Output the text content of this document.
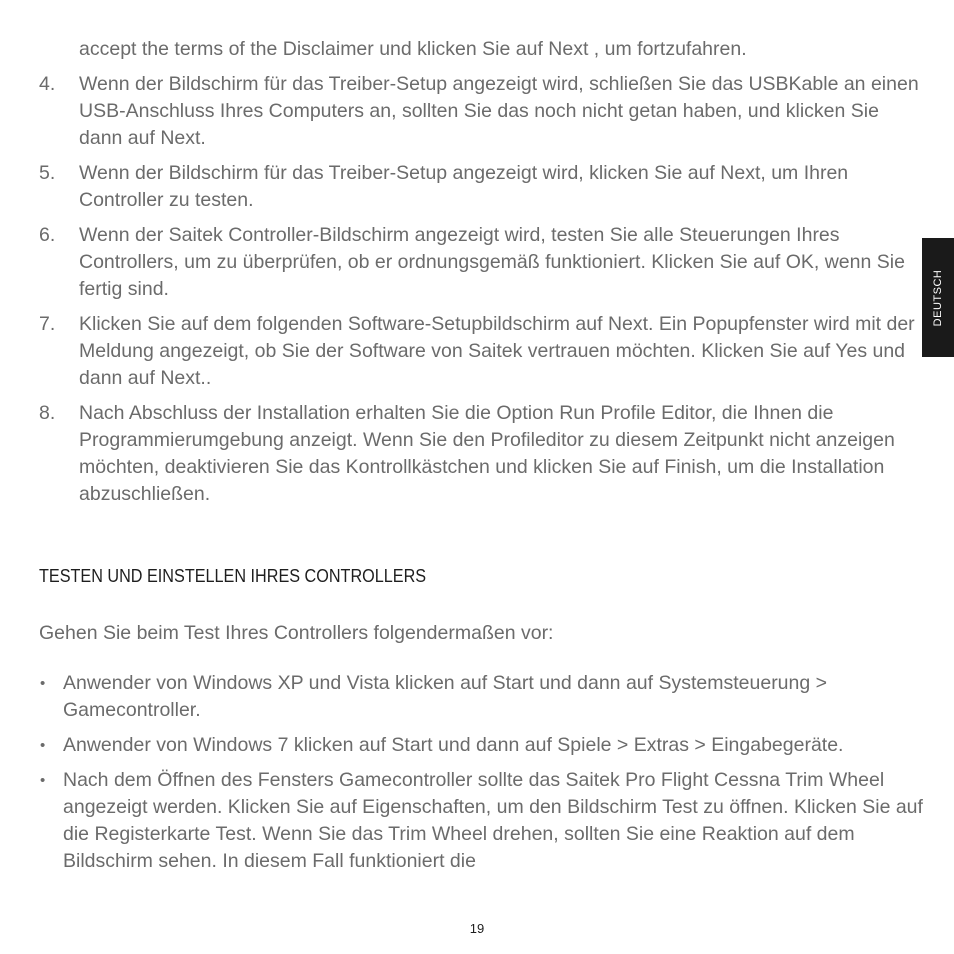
accept the terms of the Disclaimer und klicken Sie auf Next , um fortzufahren.
4. Wenn der Bildschirm für das Treiber-Setup angezeigt wird, schließen Sie das USBKable an einen USB-Anschluss Ihres Computers an, sollten Sie das noch nicht getan haben, und klicken Sie dann auf Next.
5. Wenn der Bildschirm für das Treiber-Setup angezeigt wird, klicken Sie auf Next, um Ihren Controller zu testen.
6. Wenn der Saitek Controller-Bildschirm angezeigt wird, testen Sie alle Steuerungen Ihres Controllers, um zu überprüfen, ob er ordnungsgemäß funktioniert. Klicken Sie auf OK, wenn Sie fertig sind.
7. Klicken Sie auf dem folgenden Software-Setupbildschirm auf Next. Ein Popupfenster wird mit der Meldung angezeigt, ob Sie der Software von Saitek vertrauen möchten. Klicken Sie auf Yes und dann auf Next..
8. Nach Abschluss der Installation erhalten Sie die Option Run Profile Editor, die Ihnen die Programmierumgebung anzeigt. Wenn Sie den Profileditor zu diesem Zeitpunkt nicht anzeigen möchten, deaktivieren Sie das Kontrollkästchen und klicken Sie auf Finish, um die Installation abzuschließen.
TESTEN UND EINSTELLEN IHRES CONTROLLERS
Gehen Sie beim Test Ihres Controllers folgendermaßen vor:
• Anwender von Windows XP und Vista klicken auf Start und dann auf Systemsteuerung > Gamecontroller.
• Anwender von Windows 7 klicken auf Start und dann auf Spiele > Extras > Eingabegeräte.
• Nach dem Öffnen des Fensters Gamecontroller sollte das Saitek Pro Flight Cessna Trim Wheel angezeigt werden. Klicken Sie auf Eigenschaften, um den Bildschirm Test zu öffnen. Klicken Sie auf die Registerkarte Test. Wenn Sie das Trim Wheel drehen, sollten Sie eine Reaktion auf dem Bildschirm sehen. In diesem Fall funktioniert die
DEUTSCH
19
